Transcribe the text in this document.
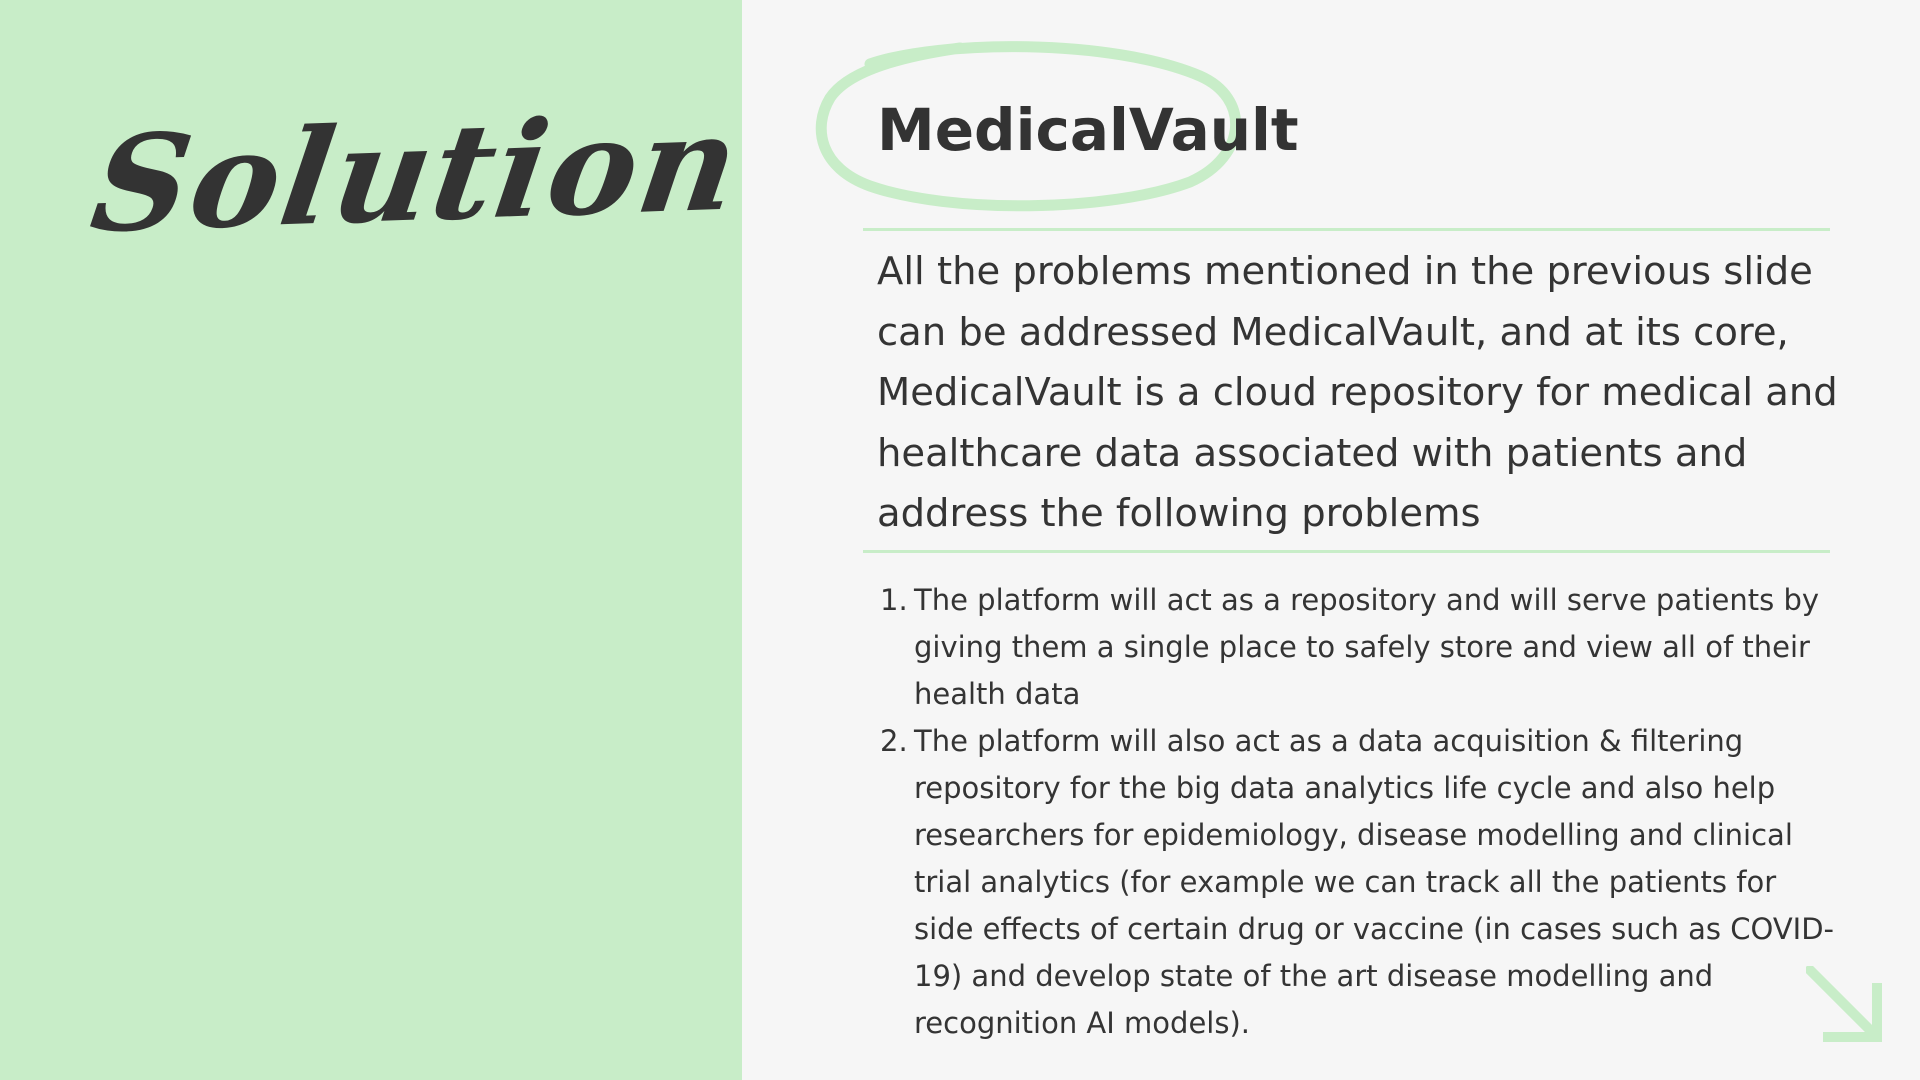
Solution MedicalVault

All the problems mentioned in the previous slide can be addressed MedicalVault, and at its core, MedicalVault is a cloud repository for medical and healthcare data associated with patients and address the following problems

1. The platform will act as a repository and will serve patients by giving them a single place to safely store and view all of their health data
2. The platform will also act as a data acquisition & filtering repository for the big data analytics life cycle and also help researchers for epidemiology, disease modelling and clinical trial analytics (for example we can track all the patients for side effects of certain drug or vaccine (in cases such as COVID-19) and develop state of the art disease modelling and recognition AI models).
